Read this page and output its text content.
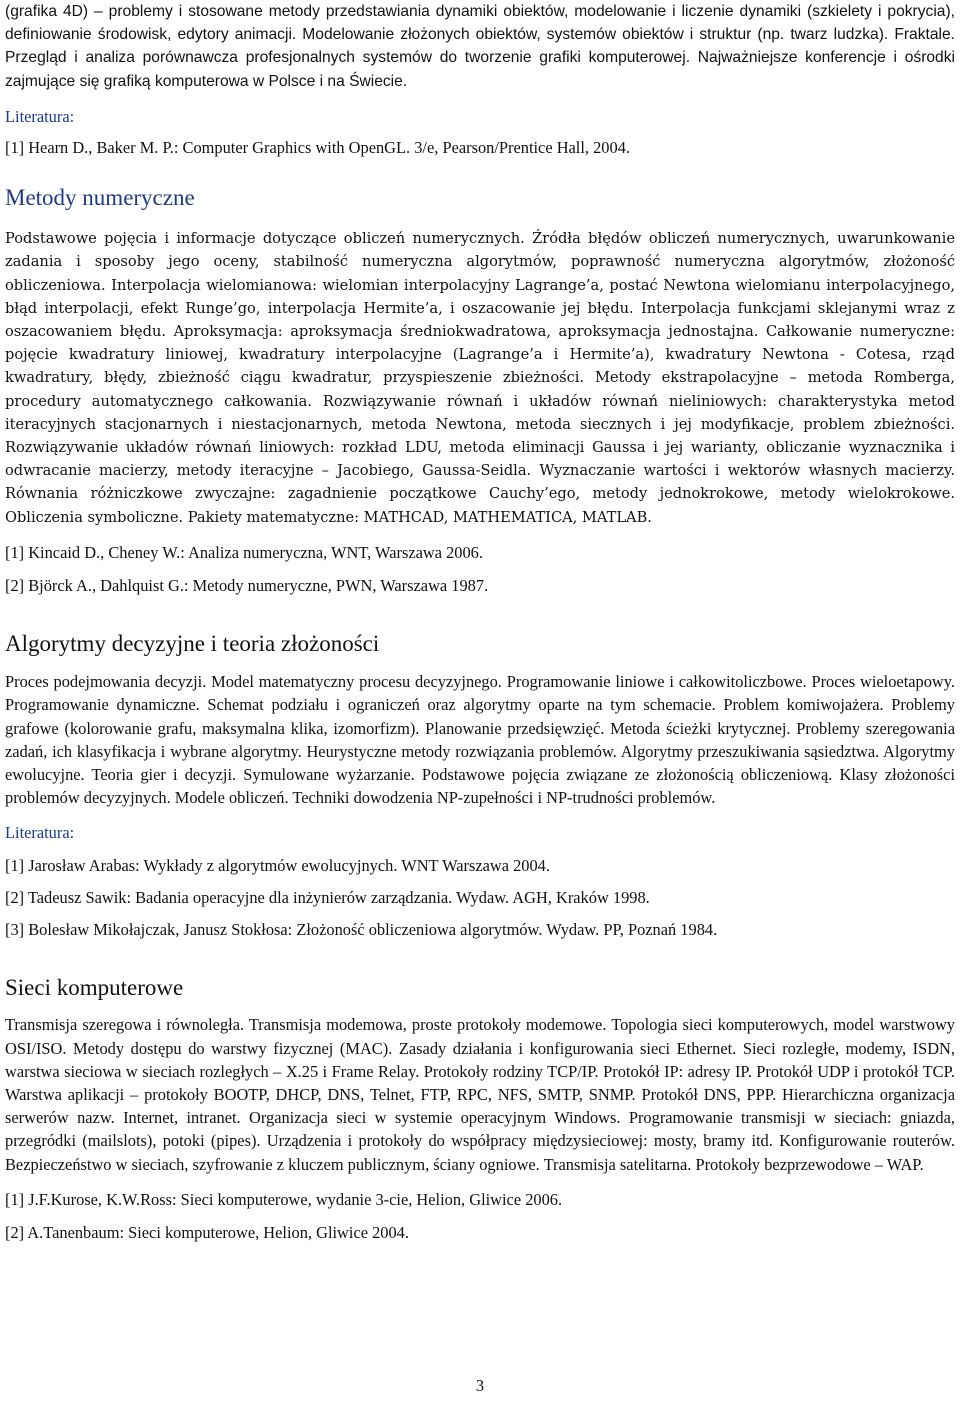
(grafika 4D) – problemy i stosowane metody przedstawiania dynamiki obiektów, modelowanie i liczenie dynamiki (szkielety i pokrycia), definiowanie środowisk, edytory animacji. Modelowanie złożonych obiektów, systemów obiektów i struktur (np. twarz ludzka). Fraktale. Przegląd i analiza porównawcza profesjonalnych systemów do tworzenie grafiki komputerowej. Najważniejsze konferencje i ośrodki zajmujące się grafiką komputerowa w Polsce i na Świecie.

Literatura:

[1] Hearn D., Baker M. P.: Computer Graphics with OpenGL. 3/e, Pearson/Prentice Hall, 2004.

Metody numeryczne

Podstawowe pojęcia i informacje dotyczące obliczeń numerycznych. Źródła błędów obliczeń numerycznych, uwarunkowanie zadania i sposoby jego oceny, stabilność numeryczna algorytmów, poprawność numeryczna algorytmów, złożoność obliczeniowa. Interpolacja wielomianowa: wielomian interpolacyjny Lagrange’a, postać Newtona wielomianu interpolacyjnego, błąd interpolacji, efekt Runge’go, interpolacja Hermite’a, i oszacowanie jej błędu. Interpolacja funkcjami sklejanymi wraz z oszacowaniem błędu. Aproksymacja: aproksymacja średniokwadratowa, aproksymacja jednostajna. Całkowanie numeryczne: pojęcie kwadratury liniowej, kwadratury interpolacyjne (Lagrange’a i Hermite’a), kwadratury Newtona - Cotesa, rząd kwadratury, błędy, zbieżność ciągu kwadratur, przyspieszenie zbieżności. Metody ekstrapolacyjne – metoda Romberga, procedury automatycznego całkowania. Rozwiązywanie równań i układów równań nieliniowych: charakterystyka metod iteracyjnych stacjonarnych i niestacjonarnych, metoda Newtona, metoda siecznych i jej modyfikacje, problem zbieżności. Rozwiązywanie układów równań liniowych: rozkład LDU, metoda eliminacji Gaussa i jej warianty, obliczanie wyznacznika i odwracanie macierzy, metody iteracyjne – Jacobiego, Gaussa-Seidla. Wyznaczanie wartości i wektorów własnych macierzy. Równania różniczkowe zwyczajne: zagadnienie początkowe Cauchy’ego, metody jednokrokowe, metody wielokrokowe. Obliczenia symboliczne. Pakiety matematyczne: MATHCAD, MATHEMATICA, MATLAB.

[1] Kincaid D., Cheney W.: Analiza numeryczna, WNT, Warszawa 2006.

[2] Björck A., Dahlquist G.: Metody numeryczne, PWN, Warszawa 1987.

Algorytmy decyzyjne i teoria złożoności

Proces podejmowania decyzji. Model matematyczny procesu decyzyjnego. Programowanie liniowe i całkowitoliczbowe. Proces wieloetapowy. Programowanie dynamiczne. Schemat podziału i ograniczeń oraz algorytmy oparte na tym schemacie. Problem komiwojażera. Problemy grafowe (kolorowanie grafu, maksymalna klika, izomorfizm). Planowanie przedsięwzięć. Metoda ścieżki krytycznej. Problemy szeregowania zadań, ich klasyfikacja i wybrane algorytmy. Heurystyczne metody rozwiązania problemów. Algorytmy przeszukiwania sąsiedztwa. Algorytmy ewolucyjne. Teoria gier i decyzji. Symulowane wyżarzanie. Podstawowe pojęcia związane ze złożonością obliczeniową. Klasy złożoności problemów decyzyjnych. Modele obliczeń. Techniki dowodzenia NP-zupełności i NP-trudności problemów.

Literatura:

[1] Jarosław Arabas: Wykłady z algorytmów ewolucyjnych. WNT Warszawa 2004.

[2] Tadeusz Sawik: Badania operacyjne dla inżynierów zarządzania. Wydaw. AGH, Kraków 1998.

[3] Bolesław Mikołajczak, Janusz Stokłosa: Złożoność obliczeniowa algorytmów. Wydaw. PP, Poznań 1984.

Sieci komputerowe

Transmisja szeregowa i równoległa. Transmisja modemowa, proste protokoły modemowe. Topologia sieci komputerowych, model warstwowy OSI/ISO. Metody dostępu do warstwy fizycznej (MAC). Zasady działania i konfigurowania sieci Ethernet. Sieci rozległe, modemy, ISDN, warstwa sieciowa w sieciach rozległych – X.25 i Frame Relay. Protokoły rodziny TCP/IP. Protokół IP: adresy IP. Protokół UDP i protokół TCP. Warstwa aplikacji – protokoły BOOTP, DHCP, DNS, Telnet, FTP, RPC, NFS, SMTP, SNMP. Protokół DNS, PPP. Hierarchiczna organizacja serwerów nazw. Internet, intranet. Organizacja sieci w systemie operacyjnym Windows. Programowanie transmisji w sieciach: gniazda, przegródki (mailslots), potoki (pipes). Urządzenia i protokoły do współpracy międzysieciowej: mosty, bramy itd. Konfigurowanie routerów. Bezpieczeństwo w sieciach, szyfrowanie z kluczem publicznym, ściany ogniowe. Transmisja satelitarna. Protokoły bezprzewodowe – WAP.

[1] J.F.Kurose, K.W.Ross: Sieci komputerowe, wydanie 3-cie, Helion, Gliwice 2006.

[2] A.Tanenbaum: Sieci komputerowe, Helion, Gliwice 2004.

3
